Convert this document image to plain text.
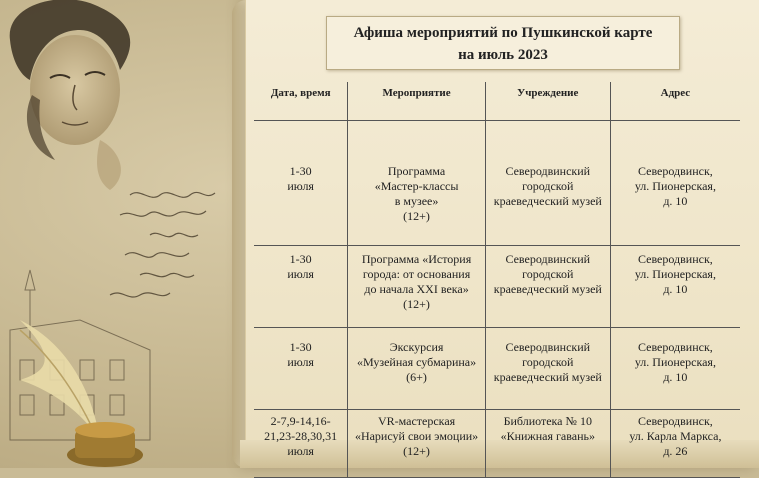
Афиша мероприятий по Пушкинской карте
на июль 2023
Дата, время	Мероприятие	Учреждение	Адрес

1-30
июля	Программа
«Мастер-классы
в музее»
(12+)	Северодвинский
городской
краеведческий музей	Северодвинск,
ул. Пионерская,
д. 10

1-30
июля	Программа «История
города: от основания
до начала XXI века»
(12+)	Северодвинский
городской
краеведческий музей	Северодвинск,
ул. Пионерская,
д. 10

1-30
июля	Экскурсия
«Музейная субмарина»
(6+)	Северодвинский
городской
краеведческий музей	Северодвинск,
ул. Пионерская,
д. 10

2-7,9-14,16-
21,23-28,30,31
июля	VR-мастерская
«Нарисуй свои эмоции»
(12+)	Библиотека № 10
«Книжная гавань»	Северодвинск,
ул. Карла Маркса,
д. 26
